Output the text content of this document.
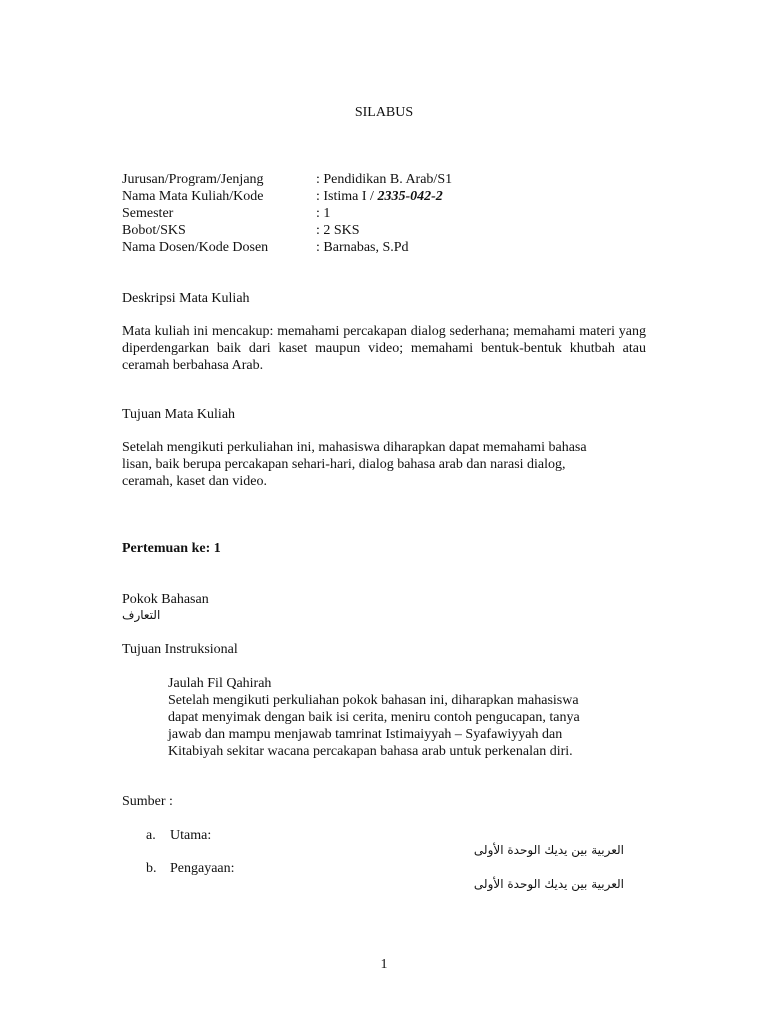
SILABUS
Jurusan/Program/Jenjang	: Pendidikan B. Arab/S1
Nama Mata Kuliah/Kode	: Istima I / 2335-042-2
Semester	: 1
Bobot/SKS	: 2 SKS
Nama Dosen/Kode Dosen	: Barnabas, S.Pd
Deskripsi Mata Kuliah
Mata kuliah ini mencakup: memahami percakapan dialog sederhana; memahami materi yang diperdengarkan baik dari kaset maupun video; memahami bentuk-bentuk khutbah atau ceramah berbahasa Arab.
Tujuan Mata Kuliah
Setelah mengikuti perkuliahan ini, mahasiswa diharapkan dapat memahami bahasa
lisan, baik berupa percakapan sehari-hari, dialog bahasa arab dan narasi dialog,
ceramah, kaset dan video.
Pertemuan ke: 1
Pokok Bahasan
التعارف
Tujuan Instruksional
Jaulah Fil Qahirah
Setelah mengikuti perkuliahan pokok bahasan ini, diharapkan mahasiswa
dapat menyimak dengan baik isi cerita, meniru contoh pengucapan, tanya
jawab dan mampu menjawab tamrinat Istimaiyyah – Syafawiyyah dan
Kitabiyah sekitar wacana percakapan bahasa arab untuk perkenalan diri.
Sumber :
a. Utama:
العربية بين يديك الوحدة الأولى
b. Pengayaan:
العربية بين يديك الوحدة الأولى
1
